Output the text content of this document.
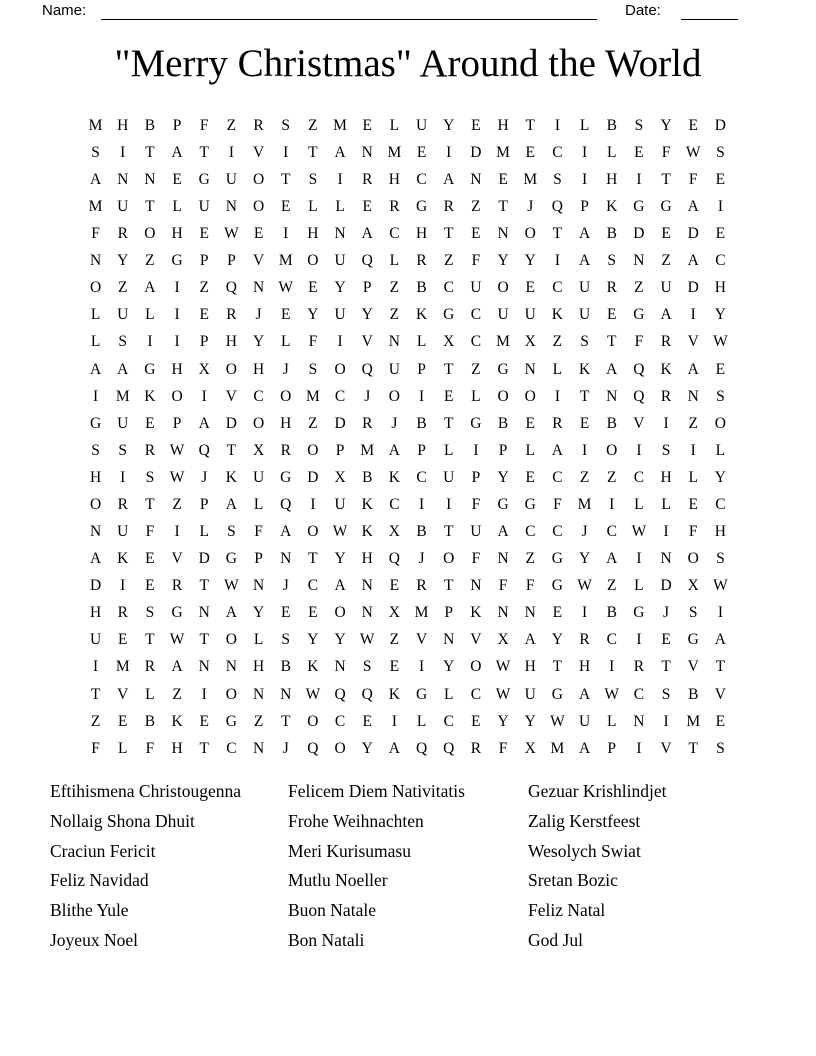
Name:	Date:
"Merry Christmas" Around the World
M H	B	P	F	Z	R	S	Z	M	E	L	U	Y	E	H	T	I	L	B	S	Y	E	D
S	I	T	A	T	I	V	I	T	A	N M	E	I	D M	E	C	I	L	E	F	W	S
A	N	N	E	G	U	O	T	S	I	R	H	C	A	N	E	M	S	I	H	I	T	F	E
M U	T	L	U	N	O	E	L	L	E	R	G	R	Z	T	J	Q	P	K	G	G	A	I
F	R	O	H	E W E	I	H	N	A	C	H	T	E	N	O	T	A	B	D	E	D	E
N	Y	Z	G	P	P	V M O	U	Q	L	R	Z	F	Y	Y	I	A	S	N	Z	A	C
O	Z	A	I	Z	Q	N W E	Y	P	Z	B	C	U	O	E	C	U	R	Z	U	D	H
L	U	L	I	E	R	J	E	Y	U	Y	Z	K	G	C	U	U	K	U	E	G	A	I	Y
L	S	I	I	P	H	Y	L	F	I	V	N	L	X	C M X	Z	S	T	F	R	V W
A	A	G	H	X	O	H	J	S	O	Q	U	P	T	Z	G	N	L	K	A	Q	K	A	E
I	M K	O	I	V	C	O M C	J	O	I	E	L	O	O	I	T	N	Q	R	N	S
G	U	E	P	A	D	O	H	Z	D	R	J	B	T	G	B	E	R	E	B	V	I	Z	O
S	S	R W Q	T	X	R	O	P	M A	P	L	I	P	L	A	I	O	I	S	I	L
H	I	S	W	J	K	U	G	D	X	B	K	C	U	P	Y	E	C	Z	Z	C	H	L	Y
O	R	T	Z	P	A	L	Q	I	U	K	C	I	I	F	G	G	F	M	I	L	L	E	C
N	U	F	I	L	S	F	A	O W K	X	B	T	U	A	C	C	J	C W	I	F	H
A	K	E	V	D	G	P	N	T	Y	H	Q	J	O	F	N	Z	G	Y	A	I	N	O	S
D	I	E	R	T W N	J	C	A	N	E	R	T	N	F	F	G W Z	L	D	X W
H	R	S	G	N	A	Y	E	E	O	N	X M	P	K	N	N	E	I	B	G	J	S	I
U	E	T W T	O	L	S	Y	Y W Z	V	N	V	X	A	Y	R	C	I	E	G	A
I	M R	A	N	N	H	B	K	N	S	E	I	Y	O W H	T	H	I	R	T	V	T
T	V	L	Z	I	O	N	N W Q	Q	K	G	L	C W U	G	A W C	S	B	V
Z	E	B	K	E	G	Z	T	O	C	E	I	L	C	E	Y	Y W U	L	N	I	M	E
F	L	F	H	T	C	N	J	Q	O	Y	A	Q	Q	R	F	X M A	P	I	V	T	S
Eftihismena Christougenna
Nollaig Shona Dhuit
Craciun Fericit
Feliz Navidad
Blithe Yule
Joyeux Noel
Felicem Diem Nativitatis
Frohe Weihnachten
Meri Kurisumasu
Mutlu Noeller
Buon Natale
Bon Natali
Gezuar Krishlindjet
Zalig Kerstfeest
Wesolych Swiat
Sretan Bozic
Feliz Natal
God Jul
